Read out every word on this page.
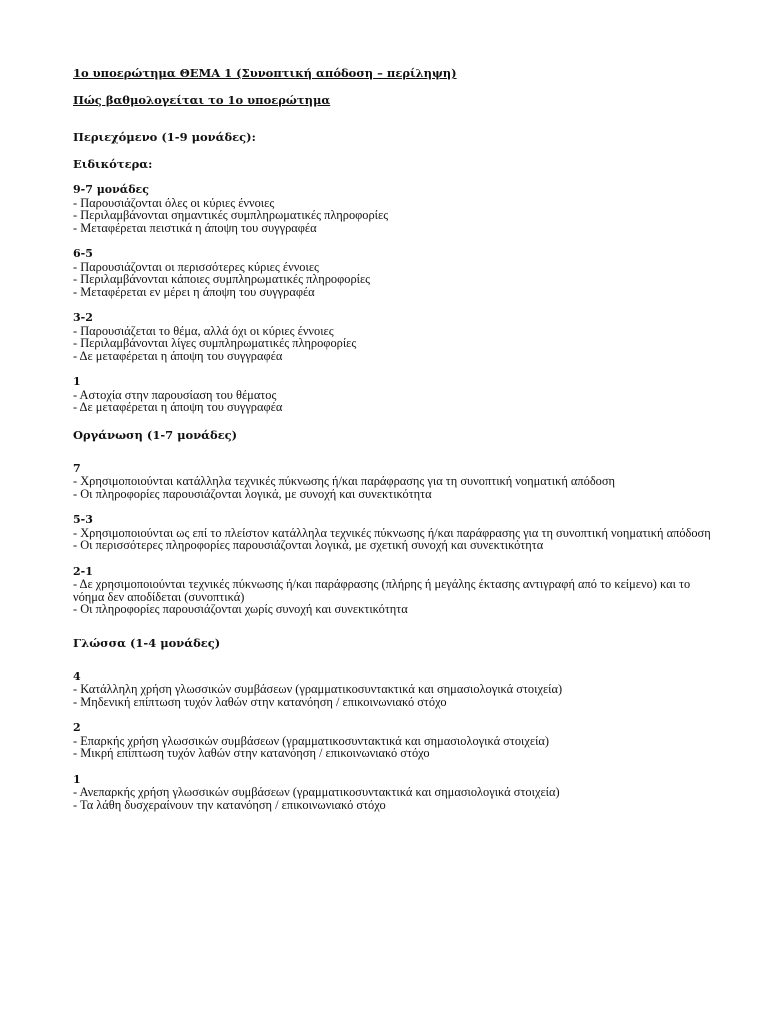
1ο υποερώτημα ΘΕΜΑ 1 (Συνοπτική απόδοση – περίληψη)

Πώς βαθμολογείται το 1ο υποερώτημα

Περιεχόμενο (1-9 μονάδες):

Ειδικότερα:

9-7 μονάδες

- Παρουσιάζονται όλες οι κύριες έννοιες

- Περιλαμβάνονται σημαντικές συμπληρωματικές πληροφορίες

- Μεταφέρεται πειστικά η άποψη του συγγραφέα

6-5

- Παρουσιάζονται οι περισσότερες κύριες έννοιες

- Περιλαμβάνονται κάποιες συμπληρωματικές πληροφορίες

- Μεταφέρεται εν μέρει η άποψη του συγγραφέα

3-2

- Παρουσιάζεται το θέμα, αλλά όχι οι κύριες έννοιες

- Περιλαμβάνονται λίγες συμπληρωματικές πληροφορίες

- Δε μεταφέρεται η άποψη του συγγραφέα

1

- Αστοχία στην παρουσίαση του θέματος

- Δε μεταφέρεται η άποψη του συγγραφέα

Οργάνωση (1-7 μονάδες)

7

- Χρησιμοποιούνται κατάλληλα τεχνικές πύκνωσης ή/και παράφρασης για τη συνοπτική νοηματική απόδοση

- Οι πληροφορίες παρουσιάζονται λογικά, με συνοχή και συνεκτικότητα

5-3

- Χρησιμοποιούνται ως επί το πλείστον κατάλληλα τεχνικές πύκνωσης ή/και παράφρασης για τη συνοπτική νοηματική απόδοση

- Οι περισσότερες πληροφορίες παρουσιάζονται λογικά, με σχετική συνοχή και συνεκτικότητα

2-1

- Δε χρησιμοποιούνται τεχνικές πύκνωσης ή/και παράφρασης (πλήρης ή μεγάλης έκτασης αντιγραφή από το κείμενο) και το νόημα δεν αποδίδεται (συνοπτικά)

- Οι πληροφορίες παρουσιάζονται χωρίς συνοχή και συνεκτικότητα

Γλώσσα (1-4 μονάδες)

4

- Κατάλληλη χρήση γλωσσικών συμβάσεων (γραμματικοσυντακτικά και σημασιολογικά στοιχεία)

- Μηδενική επίπτωση τυχόν λαθών στην κατανόηση / επικοινωνιακό στόχο

2

- Επαρκής χρήση γλωσσικών συμβάσεων (γραμματικοσυντακτικά και σημασιολογικά στοιχεία)

- Μικρή επίπτωση τυχόν λαθών στην κατανόηση / επικοινωνιακό στόχο

1

- Ανεπαρκής χρήση γλωσσικών συμβάσεων (γραμματικοσυντακτικά και σημασιολογικά στοιχεία)

- Τα λάθη δυσχεραίνουν την κατανόηση / επικοινωνιακό στόχο
